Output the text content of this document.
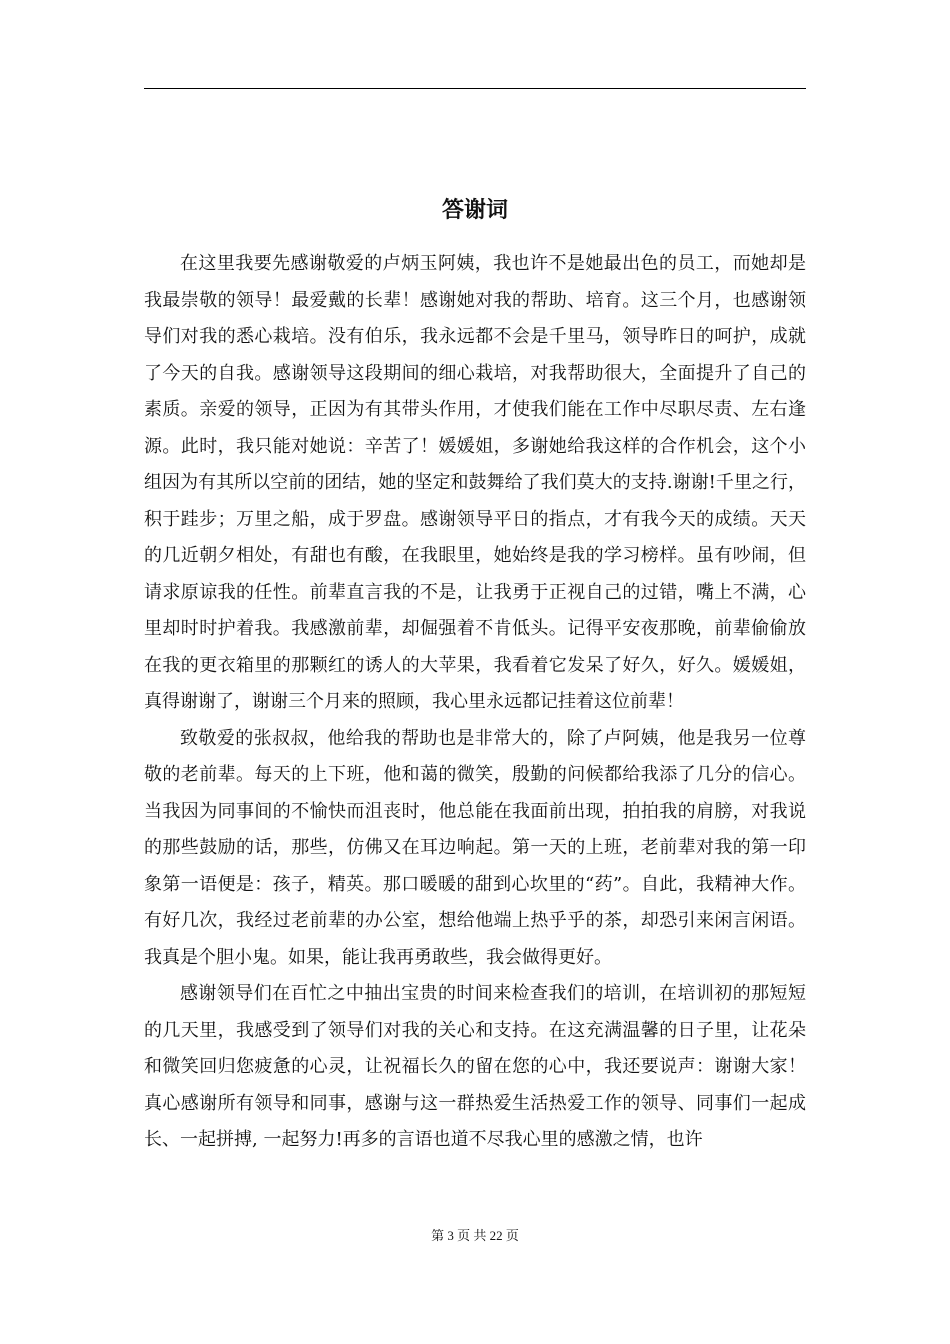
答谢词

在这里我要先感谢敬爱的卢炳玉阿姨，我也许不是她最出色的员工，而她却是我最崇敬的领导！最爱戴的长辈！感谢她对我的帮助、培育。这三个月，也感谢领导们对我的悉心栽培。没有伯乐，我永远都不会是千里马，领导昨日的呵护，成就了今天的自我。感谢领导这段期间的细心栽培，对我帮助很大，全面提升了自己的素质。亲爱的领导，正因为有其带头作用，才使我们能在工作中尽职尽责、左右逢源。此时，我只能对她说：辛苦了！媛媛姐，多谢她给我这样的合作机会，这个小组因为有其所以空前的团结，她的坚定和鼓舞给了我们莫大的支持.谢谢!千里之行，积于跬步；万里之船，成于罗盘。感谢领导平日的指点，才有我今天的成绩。天天的几近朝夕相处，有甜也有酸，在我眼里，她始终是我的学习榜样。虽有吵闹，但请求原谅我的任性。前辈直言我的不是，让我勇于正视自己的过错，嘴上不满，心里却时时护着我。我感激前辈，却倔强着不肯低头。记得平安夜那晚，前辈偷偷放在我的更衣箱里的那颗红的诱人的大苹果，我看着它发呆了好久，好久。媛媛姐，真得谢谢了，谢谢三个月来的照顾，我心里永远都记挂着这位前辈！

致敬爱的张叔叔，他给我的帮助也是非常大的，除了卢阿姨，他是我另一位尊敬的老前辈。每天的上下班，他和蔼的微笑，殷勤的问候都给我添了几分的信心。当我因为同事间的不愉快而沮丧时，他总能在我面前出现，拍拍我的肩膀，对我说的那些鼓励的话，那些，仿佛又在耳边响起。第一天的上班，老前辈对我的第一印象第一语便是：孩子，精英。那口暖暖的甜到心坎里的“药”。自此，我精神大作。有好几次，我经过老前辈的办公室，想给他端上热乎乎的茶，却恐引来闲言闲语。我真是个胆小鬼。如果，能让我再勇敢些，我会做得更好。

感谢领导们在百忙之中抽出宝贵的时间来检查我们的培训，在培训初的那短短的几天里，我感受到了领导们对我的关心和支持。在这充满温馨的日子里，让花朵和微笑回归您疲惫的心灵，让祝福长久的留在您的心中，我还要说声：谢谢大家！真心感谢所有领导和同事，感谢与这一群热爱生活热爱工作的领导、同事们一起成长、一起拼搏, 一起努力!再多的言语也道不尽我心里的感激之情，也许

第 3 页 共 22 页
